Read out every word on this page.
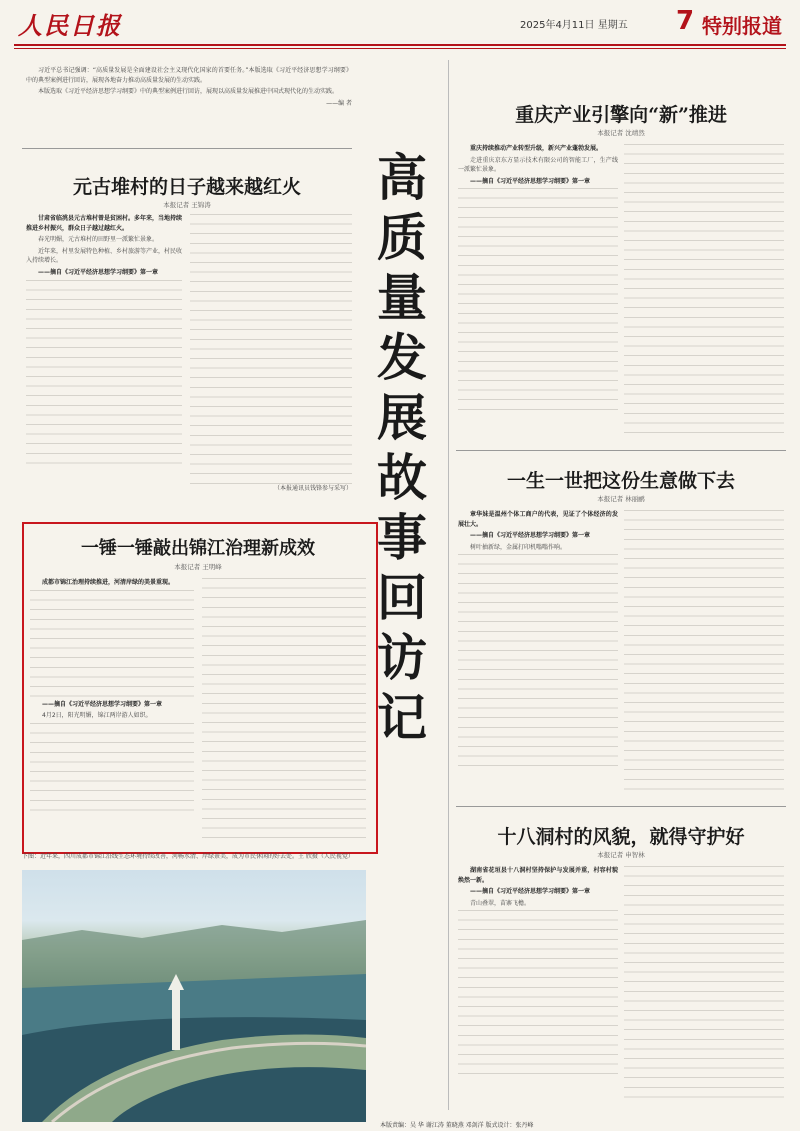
人民日报	2025年4月11日 星期五 7 特别报道

习近平总书记强调：“高质量发展是全面建设社会主义现代化国家的首要任务。”本版选取《习近平经济思想学习纲要》中的典型案例进行回访，展现各地奋力推动高质量发展的生动实践。

本版选取《习近平经济思想学习纲要》中的典型案例进行回访，展现以高质量发展推进中国式现代化的生动实践。

——编 者
元古堆村的日子越来越红火
本报记者 王锦涛

甘肃省临洮县元古堆村曾是贫困村。多年来，当地持续推进乡村振兴，群众日子越过越红火。

春光明媚，元古堆村的田野里一派繁忙景象。

近年来，村里发展特色种植、乡村旅游等产业，村民收入持续增长。

——摘自《习近平经济思想学习纲要》第一章

（本报通讯员钱锋参与采写）
一锤一锤敲出锦江治理新成效
本报记者 王明峰

成都市锦江治理持续推进，河清岸绿的美景重现。

——摘自《习近平经济思想学习纲要》第一章

4月2日，阳光明媚，锦江两岸游人如织。

下图：近年来，四川成都市锦江沿线生态环境持续改善，河畅水清、岸绿景美，成为市民休闲的好去处。王 欣摄（人民视觉）
高质量发展故事回访记
重庆产业引擎向“新”推进
本报记者 沈靖然

重庆持续推动产业转型升级，新兴产业蓬勃发展。

走进重庆京东方显示技术有限公司的智能工厂，生产线一派繁忙景象。

——摘自《习近平经济思想学习纲要》第一章

一生一世把这份生意做下去
本报记者 林丽鹂

章华妹是温州个体工商户的代表，见证了个体经济的发展壮大。

——摘自《习近平经济思想学习纲要》第一章

树叶抽新绿，金属打印机嗡嗡作响。

十八洞村的风貌，就得守护好
本报记者 申智林

湖南省花垣县十八洞村坚持保护与发展并重，村容村貌焕然一新。

——摘自《习近平经济思想学习纲要》第一章

青山叠翠，苗寨飞檐。

本版责编：吴 华 谢江涛 董晓燕 邓剑洋 版式设计：张丹峰
